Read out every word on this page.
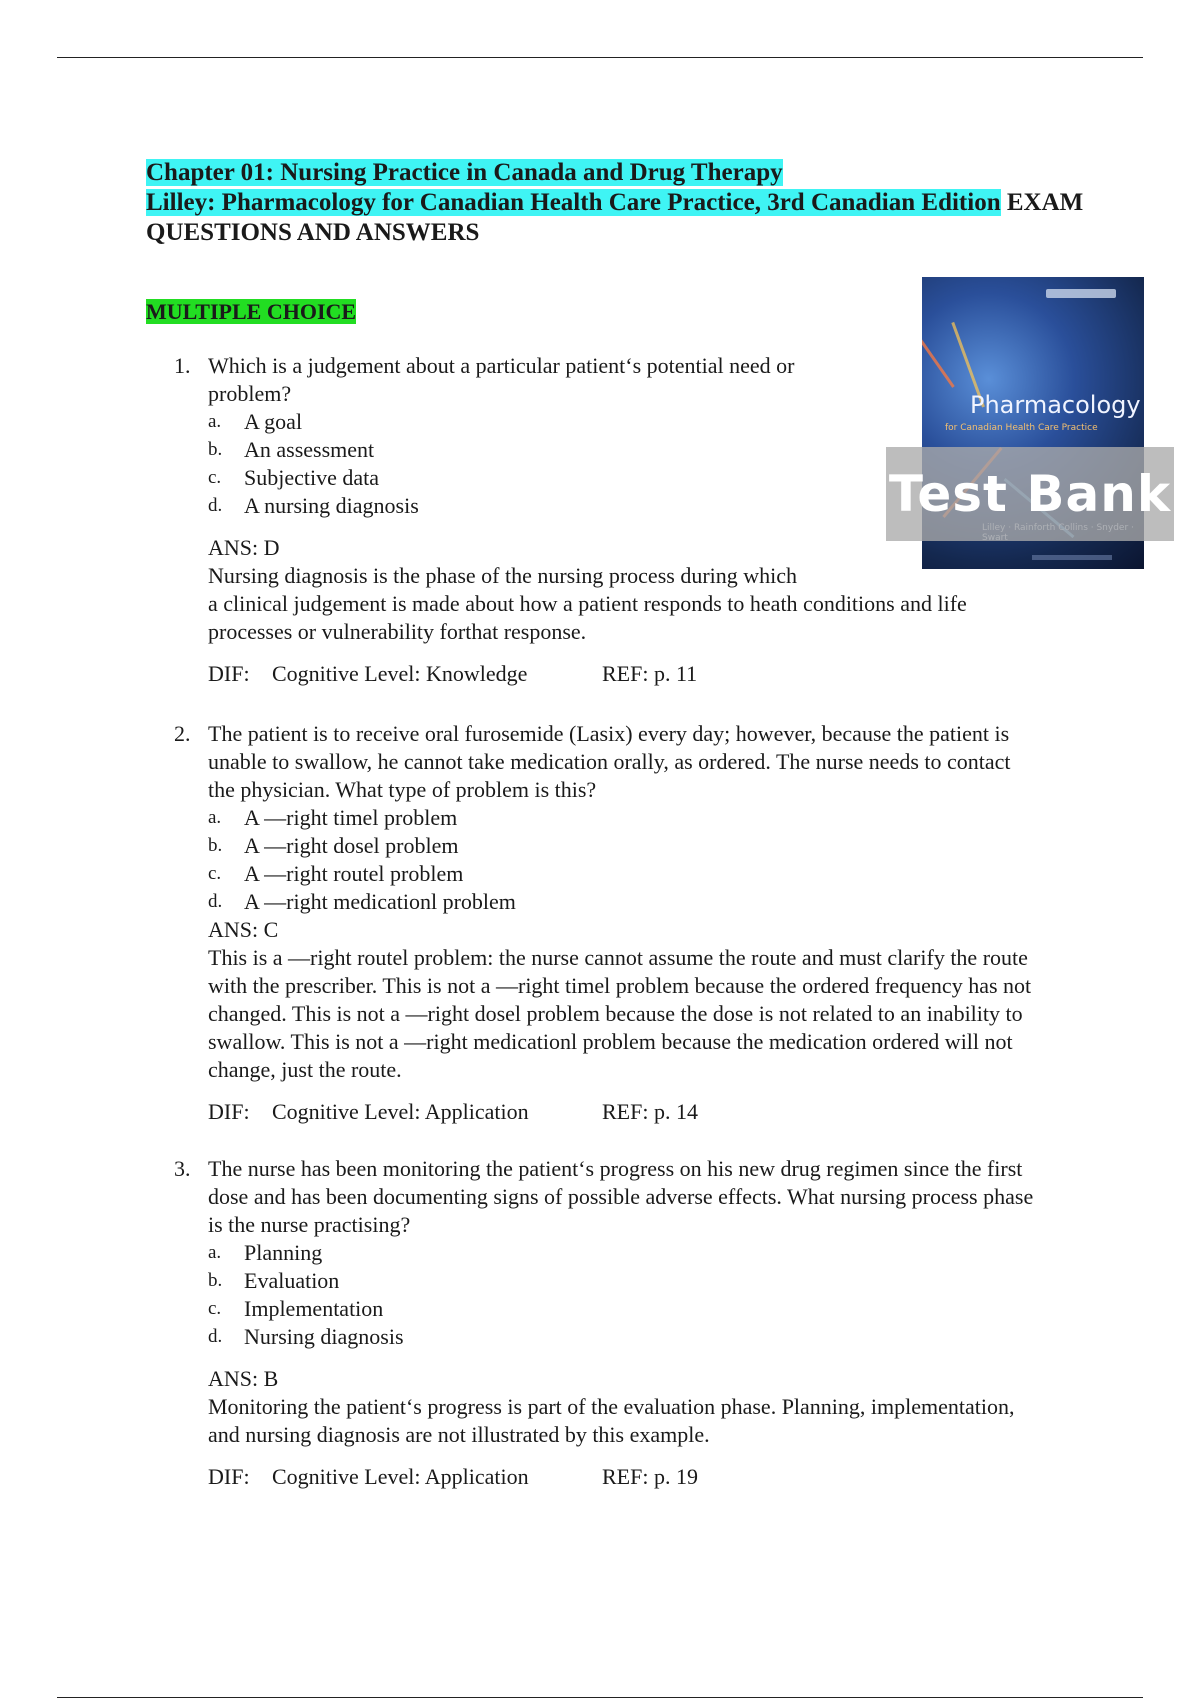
Chapter 01: Nursing Practice in Canada and Drug Therapy
Lilley: Pharmacology for Canadian Health Care Practice, 3rd Canadian Edition EXAM
QUESTIONS AND ANSWERS
MULTIPLE CHOICE
Pharmacology
for Canadian Health Care Practice
Test Bank
1. Which is a judgement about a particular patient‘s potential need or
problem?
a.	A goal
b. An assessment
c.	Subjective data
d. A nursing diagnosis
ANS: D
Nursing diagnosis is the phase of the nursing process during which
a clinical judgement is made about how a patient responds to heath conditions and life
processes or vulnerability forthat response.
DIF:	Cognitive Level: Knowledge	REF: p. 11
2. The patient is to receive oral furosemide (Lasix) every day; however, because the patient is
unable to swallow, he cannot take medication orally, as ordered. The nurse needs to contact
the physician. What type of problem is this?
a.	A ―right timel problem
b. A ―right dosel problem
c.	A ―right routel problem
d. A ―right medicationl problem
ANS: C
This is a ―right routel problem: the nurse cannot assume the route and must clarify the route
with the prescriber. This is not a ―right timel problem because the ordered frequency has not
changed. This is not a ―right dosel problem because the dose is not related to an inability to
swallow. This is not a ―right medicationl problem because the medication ordered will not
change, just the route.
DIF:	Cognitive Level: Application	REF: p. 14
3. The nurse has been monitoring the patient‘s progress on his new drug regimen since the first
dose and has been documenting signs of possible adverse effects. What nursing process phase
is the nurse practising?
a.	Planning
b. Evaluation
c.	Implementation
d. Nursing diagnosis
ANS: B
Monitoring the patient‘s progress is part of the evaluation phase. Planning, implementation,
and nursing diagnosis are not illustrated by this example.
DIF:	Cognitive Level: Application	REF: p. 19
